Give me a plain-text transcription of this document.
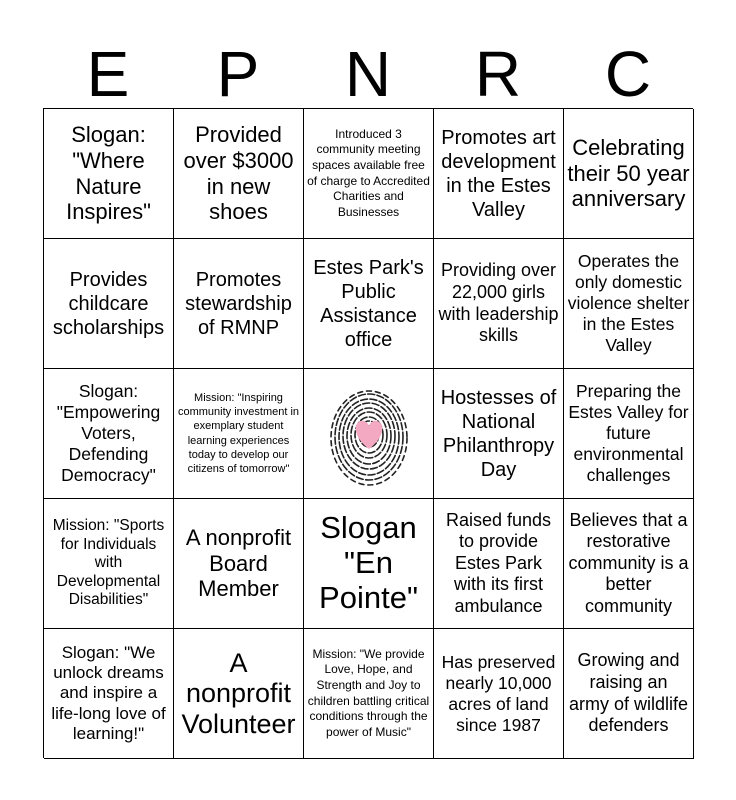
E	P	N	R	C
Slogan: "Where Nature Inspires"
Provided over $3000 in new shoes
Introduced 3 community meeting spaces available free of charge to Accredited Charities and Businesses
Promotes art development in the Estes Valley
Celebrating their 50 year anniversary
Provides childcare scholarships
Promotes stewardship of RMNP
Estes Park's Public Assistance office
Providing over 22,000 girls with leadership skills
Operates the only domestic violence shelter in the Estes Valley
Slogan: "Empowering Voters, Defending Democracy"
Mission: "Inspiring community investment in exemplary student learning experiences today to develop our citizens of tomorrow"
Hostesses of National Philanthropy Day
Preparing the Estes Valley for future environmental challenges
Mission: "Sports for Individuals with Developmental Disabilities"
A nonprofit Board Member
Slogan "En Pointe"
Raised funds to provide Estes Park with its first ambulance
Believes that a restorative community is a better community
Slogan: "We unlock dreams and inspire a life-long love of learning!"
A nonprofit Volunteer
Mission: "We provide Love, Hope, and Strength and Joy to children battling critical conditions through the power of Music"
Has preserved nearly 10,000 acres of land since 1987
Growing and raising an army of wildlife defenders
